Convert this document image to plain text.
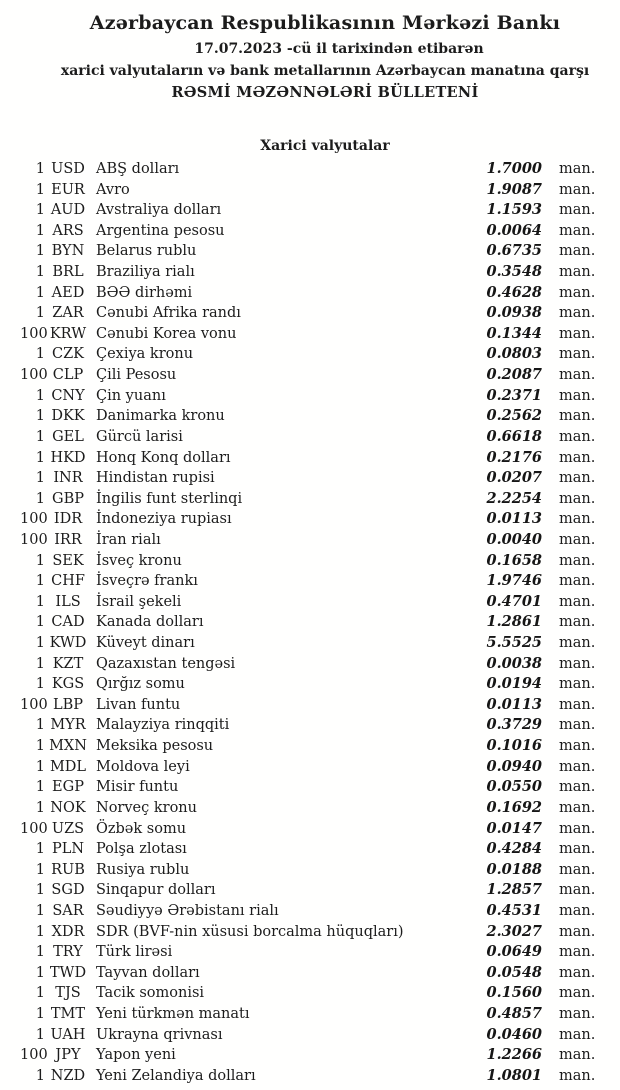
Azərbaycan Respublikasının Mərkəzi Bankı
17.07.2023 -cü il tarixindən etibarən
xarici valyutaların və bank metallarının Azərbaycan manatına qarşı
RƏSMİ MƏZƏNNƏLƏRİ BÜLLETENİ
Xarici valyutalar
1 USD ABŞ dolları	1.7000 man.
1 EUR Avro	1.9087 man.
1 AUD Avstraliya dolları	1.1593 man.
1 ARS Argentina pesosu	0.0064 man.
1 BYN Belarus rublu	0.6735 man.
1 BRL Braziliya rialı	0.3548 man.
1 AED BƏƏ dirhəmi	0.4628 man.
1 ZAR Cənubi Afrika randı	0.0938 man.
100 KRW Cənubi Korea vonu	0.1344 man.
1 CZK Çexiya kronu	0.0803 man.
100 CLP Çili Pesosu	0.2087 man.
1 CNY Çin yuanı	0.2371 man.
1 DKK Danimarka kronu	0.2562 man.
1 GEL Gürcü larisi	0.6618 man.
1 HKD Honq Konq dolları	0.2176 man.
1 INR Hindistan rupisi	0.0207 man.
1 GBP İngilis funt sterlinqi	2.2254 man.
100 IDR İndoneziya rupiası	0.0113 man.
100 IRR İran rialı	0.0040 man.
1 SEK İsveç kronu	0.1658 man.
1 CHF İsveçrə frankı	1.9746 man.
1 ILS	İsrail şekeli	0.4701 man.
1 CAD Kanada dolları	1.2861 man.
1 KWD Küveyt dinarı	5.5525 man.
1 KZT Qazaxıstan tengəsi	0.0038 man.
1 KGS Qırğız somu	0.0194 man.
100 LBP Livan funtu	0.0113 man.
1 MYR Malayziya rinqqiti	0.3729 man.
1 MXN Meksika pesosu	0.1016 man.
1 MDL Moldova leyi	0.0940 man.
1 EGP Misir funtu	0.0550 man.
1 NOK Norveç kronu	0.1692 man.
100 UZS Özbək somu	0.0147 man.
1 PLN Polşa zlotası	0.4284 man.
1 RUB Rusiya rublu	0.0188 man.
1 SGD Sinqapur dolları	1.2857 man.
1 SAR Səudiyyə Ərəbistanı rialı	0.4531 man.
1 XDR SDR (BVF-nin xüsusi borcalma hüquqları)	2.3027 man.
1 TRY Türk lirəsi	0.0649 man.
1 TWD Tayvan dolları	0.0548 man.
1 TJS	Tacik somonisi	0.1560 man.
1 TMT Yeni türkmən manatı	0.4857 man.
1 UAH Ukrayna qrivnası	0.0460 man.
100 JPY	Yapon yeni	1.2266 man.
1 NZD Yeni Zelandiya dolları	1.0801 man.
